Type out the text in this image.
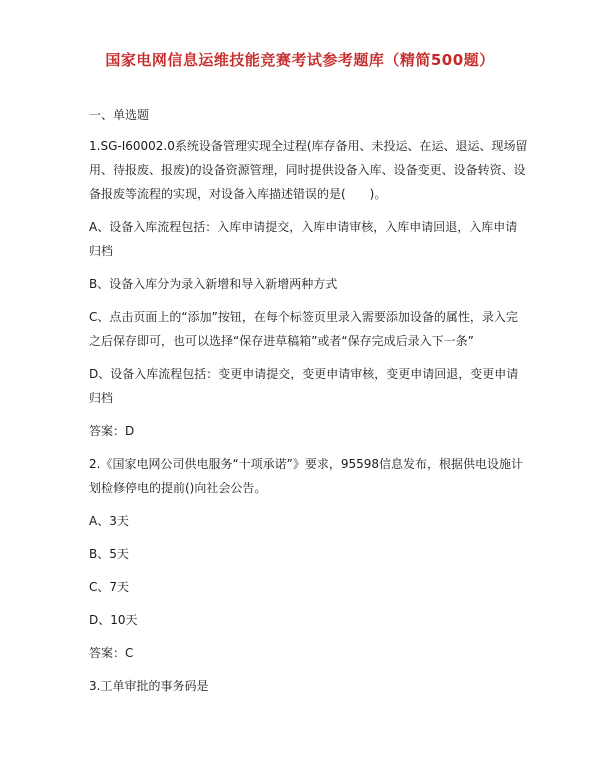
国家电网信息运维技能竞赛考试参考题库（精简500题）

一、单选题

1.SG-I60002.0系统设备管理实现全过程(库存备用、未投运、在运、退运、现场留用、待报废、报废)的设备资源管理，同时提供设备入库、设备变更、设备转资、设备报废等流程的实现，对设备入库描述错误的是(　　)。

A、设备入库流程包括：入库申请提交，入库申请审核，入库申请回退，入库申请归档

B、设备入库分为录入新增和导入新增两种方式

C、点击页面上的“添加”按钮，在每个标签页里录入需要添加设备的属性，录入完之后保存即可，也可以选择“保存进草稿箱”或者“保存完成后录入下一条”

D、设备入库流程包括：变更申请提交，变更申请审核，变更申请回退，变更申请归档

答案：D

2.《国家电网公司供电服务“十项承诺”》要求，95598信息发布，根据供电设施计划检修停电的提前()向社会公告。

A、3天

B、5天

C、7天

D、10天

答案：C

3.工单审批的事务码是
